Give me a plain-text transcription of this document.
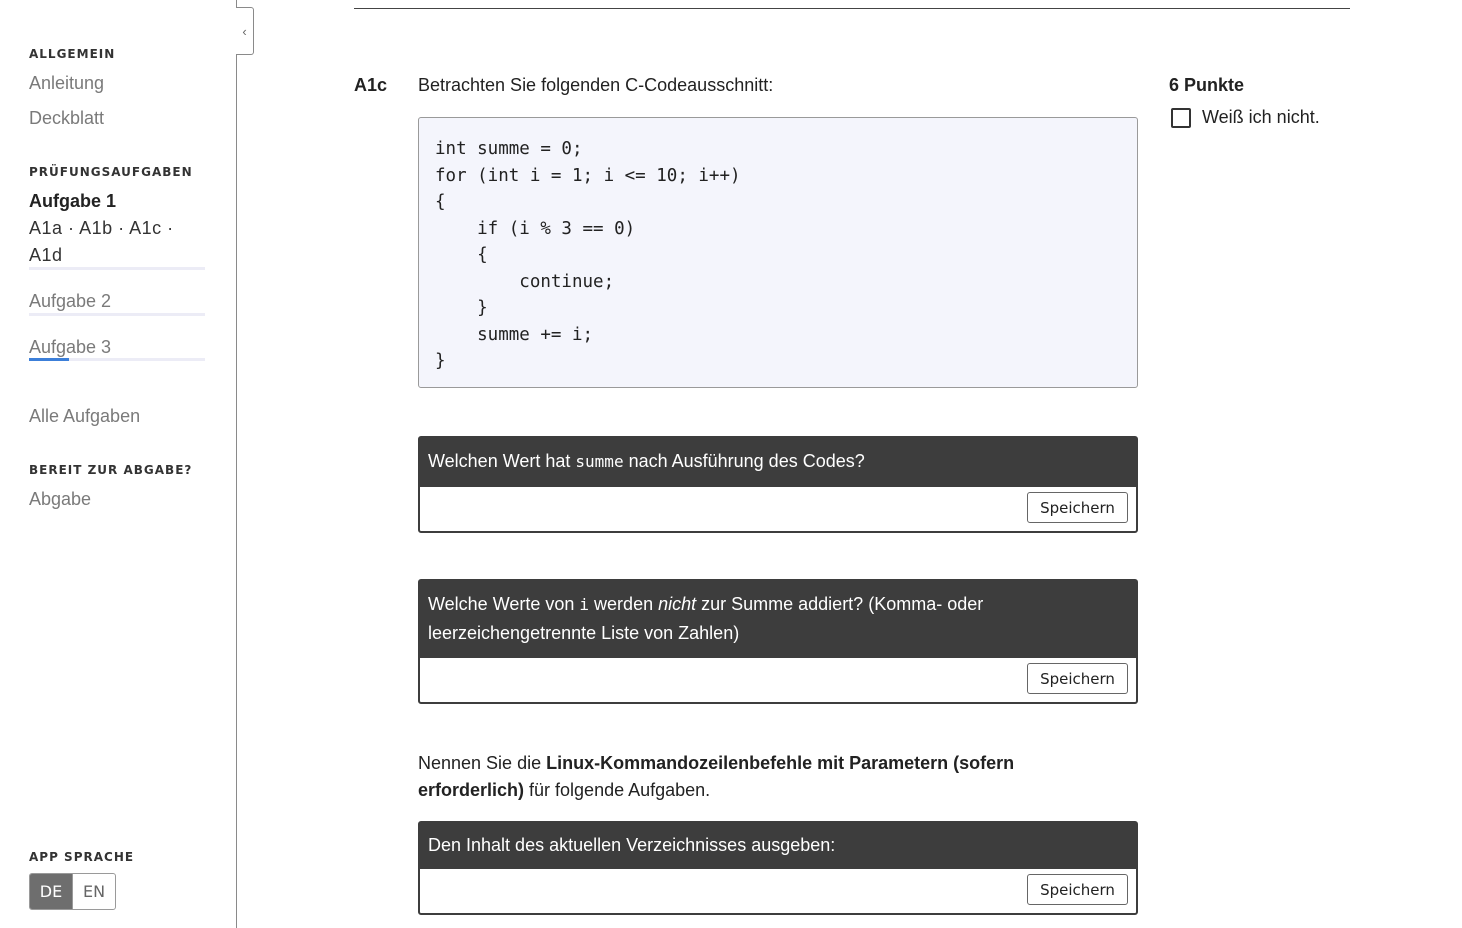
ALLGEMEIN
Anleitung
Deckblatt
PRÜFUNGSAUFGABEN
Aufgabe 1
A1a · A1b · A1c · A1d
Aufgabe 2
Aufgabe 3
Alle Aufgaben
BEREIT ZUR ABGABE?
Abgabe
APP SPRACHE
DE	EN
‹
A1c Betrachten Sie folgenden C-Codeausschnitt:
int summe = 0;
for (int i = 1; i <= 10; i++)
{
if (i % 3 == 0)
{
continue;
}
summe += i;
}
6 Punkte
Weiß ich nicht.
Welchen Wert hat summe nach Ausführung des Codes?
Speichern
Welche Werte von i werden nicht zur Summe addiert? (Komma- oder leerzeichengetrennte Liste von Zahlen)
Speichern
Nennen Sie die Linux-Kommandozeilenbefehle mit Parametern (sofern erforderlich) für folgende Aufgaben.
Den Inhalt des aktuellen Verzeichnisses ausgeben:
Speichern
